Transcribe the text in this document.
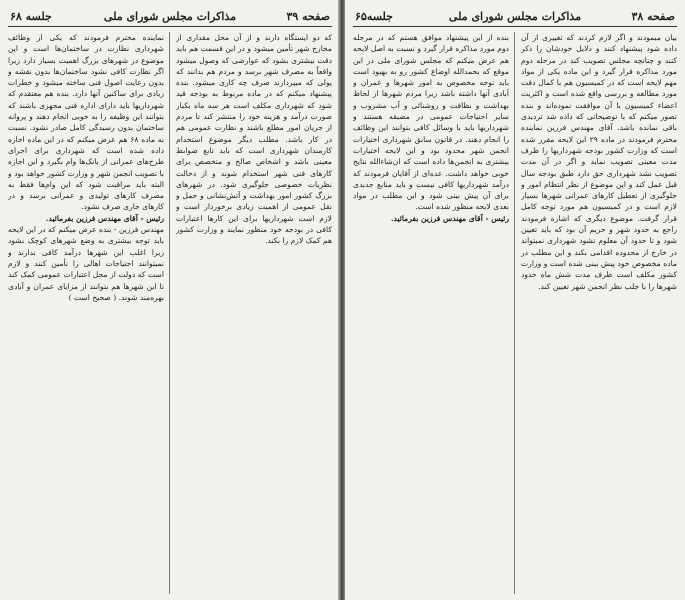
صفحه ۳۹
مذاکرات مجلس شورای ملی
جلسه ۶۸

که دو ایستگاه دارند و از آن محل مقداری از مخارج شهر تأمین میشود و در این قسمت هم باید دقت بیشتری بشود که عوارضی که وصول میشود واقعاً به مصرف شهر برسد و مردم هم بدانند که پولی که میپردازند صرف چه کاری میشود. بنده پیشنهاد میکنم که در ماده مربوط به بودجه قید شود که شهرداری مکلف است هر سه ماه یکبار صورت درآمد و هزینه خود را منتشر کند تا مردم از جریان امور مطلع باشند و نظارت عمومی هم در کار باشد. مطلب دیگر موضوع استخدام کارمندان شهرداری است که باید تابع ضوابط معینی باشد و اشخاص صالح و متخصص برای کارهای فنی شهر استخدام شوند و از دخالت نظریات خصوصی جلوگیری شود. در شهرهای بزرگ کشور امور بهداشت و آتش‌نشانی و حمل و نقل عمومی از اهمیت زیادی برخوردار است و لازم است شهرداریها برای این کارها اعتبارات کافی در بودجه خود منظور نمایند و وزارت کشور هم کمک لازم را بکند.

نماینده محترم فرمودند که یکی از وظائف شهرداری نظارت در ساختمان‌ها است و این موضوع در شهرهای بزرگ اهمیت بسیار دارد زیرا اگر نظارت کافی نشود ساختمان‌ها بدون نقشه و بدون رعایت اصول فنی ساخته میشود و خطرات زیادی برای ساکنین آنها دارد. بنده هم معتقدم که شهرداریها باید دارای اداره فنی مجهزی باشند که بتوانند این وظیفه را به خوبی انجام دهند و پروانه ساختمان بدون رسیدگی کامل صادر نشود. نسبت به ماده ۶۸ هم عرض میکنم که در این ماده اجازه داده شده است که شهرداری برای اجرای طرح‌های عمرانی از بانک‌ها وام بگیرد و این اجازه با تصویب انجمن شهر و وزارت کشور خواهد بود و البته باید مراقبت شود که این وام‌ها فقط به مصرف کارهای تولیدی و عمرانی برسد و در کارهای جاری صرف نشود.

رئیس - آقای مهندس فرزین بفرمائید.

مهندس فرزین - بنده عرض میکنم که در این لایحه باید توجه بیشتری به وضع شهرهای کوچک بشود زیرا اغلب این شهرها درآمد کافی ندارند و نمیتوانند احتیاجات اهالی را تأمین کنند و لازم است که دولت از محل اعتبارات عمومی کمک کند تا این شهرها هم بتوانند از مزایای عمران و آبادی بهره‌مند شوند. ( صحیح است )

صفحه ۳۸
مذاکرات مجلس شورای ملی
جلسه۶۵

بیان میمودند و اگر لازم کردند که تغییری از آن داده شود پیشنهاد کنند و دلایل خودشان را ذکر کنند و چنانچه مجلس تصویب کند در مرحله دوم مورد مذاکره قرار گیرد و این ماده یکی از مواد مهم لایحه است که در کمیسیون هم با کمال دقت مورد مطالعه و بررسی واقع شده است و اکثریت اعضاء کمیسیون با آن موافقت نموده‌اند و بنده تصور میکنم که با توضیحاتی که داده شد تردیدی باقی نمانده باشد. آقای مهندس فرزین نماینده محترم فرمودند در ماده ۲۹ این لایحه مقرر شده است که وزارت کشور بودجه شهرداریها را ظرف مدت معینی تصویب نماید و اگر در آن مدت تصویب نشد شهرداری حق دارد طبق بودجه سال قبل عمل کند و این موضوع از نظر انتظام امور و جلوگیری از تعطیل کارهای عمرانی شهرها بسیار لازم است و در کمیسیون هم مورد توجه کامل قرار گرفت. موضوع دیگری که اشاره فرمودند راجع به حدود شهر و حریم آن بود که باید تعیین شود و تا حدود آن معلوم نشود شهرداری نمیتواند در خارج از محدوده اقدامی بکند و این مطلب در ماده مخصوص خود پیش بینی شده است و وزارت کشور مکلف است ظرف مدت شش ماه حدود شهرها را با جلب نظر انجمن شهر تعیین کند.

بنده از این پیشنهاد موافق هستم که در مرحله دوم مورد مذاکره قرار گیرد و نسبت به اصل لایحه هم عرض میکنم که مجلس شورای ملی در این موقع که بحمدالله اوضاع کشور رو به بهبود است باید توجه مخصوص به امور شهرها و عمران و آبادی آنها داشته باشد زیرا مردم شهرها از لحاظ بهداشت و نظافت و روشنائی و آب مشروب و سایر احتیاجات عمومی در مضیقه هستند و شهرداریها باید با وسائل کافی بتوانند این وظائف را انجام دهند. در قانون سابق شهرداری اختیارات انجمن شهر محدود بود و این لایحه اختیارات بیشتری به انجمن‌ها داده است که ان‌شاءالله نتایج خوبی خواهد داشت. عده‌ای از آقایان فرمودند که درآمد شهرداریها کافی نیست و باید منابع جدیدی برای آن پیش بینی شود و این مطلب در مواد بعدی لایحه منظور شده است.

رئیس - آقای مهندس فرزین بفرمائید.
